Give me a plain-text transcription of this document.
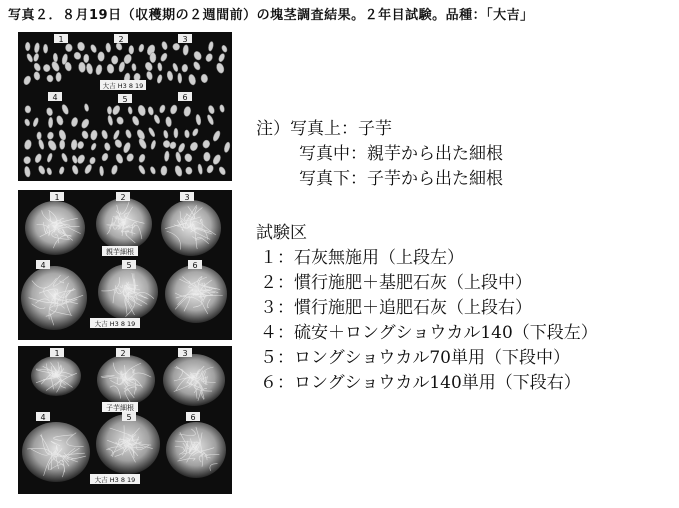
写真２．８月19日（収穫期の２週間前）の塊茎調査結果。２年目試験。品種：「大吉」
1	2	3
4	5	6
大吉 H3 8 19
1	2	3
4	5	6
親芋細根
大吉 H3 8 19
1	2	3
4	5	6
子芋細根
大吉 H3 8 19
注）写真上：子芋
写真中：親芋から出た細根
写真下：子芋から出た細根
試験区
１：石灰無施用（上段左）
２：慣行施肥＋基肥石灰（上段中）
３：慣行施肥＋追肥石灰（上段右）
４：硫安＋ロングショウカル140（下段左）
５：ロングショウカル70単用（下段中）
６：ロングショウカル140単用（下段右）
